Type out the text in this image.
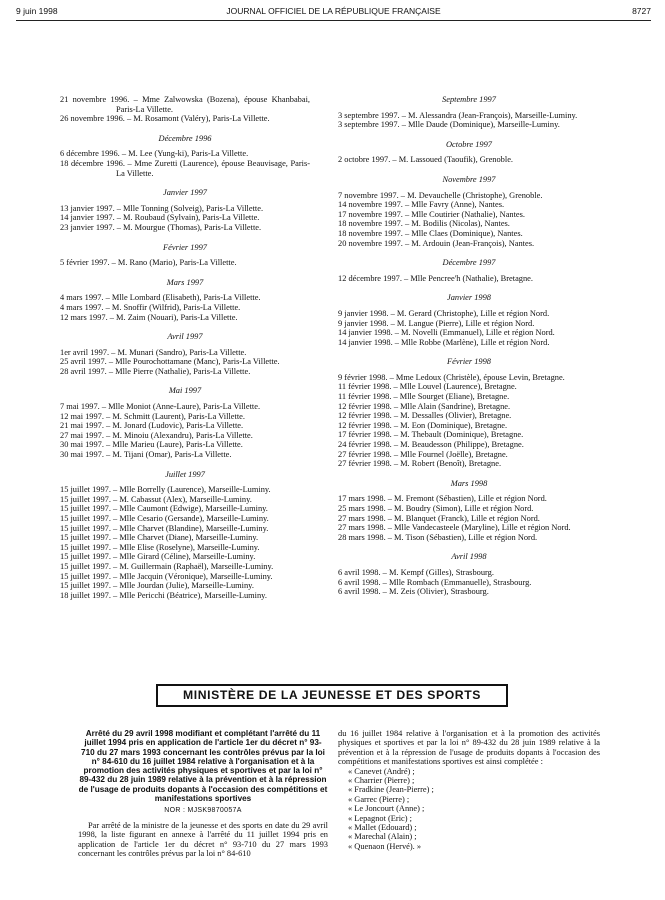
9 juin 1998	JOURNAL OFFICIEL DE LA RÉPUBLIQUE FRANÇAISE	8727
21 novembre 1996. – Mme Zalwowska (Bozena), épouse Khanbabai, Paris-La Villette.
26 novembre 1996. – M. Rosamont (Valéry), Paris-La Villette.
Décembre 1996
6 décembre 1996. – M. Lee (Yung-ki), Paris-La Villette.
18 décembre 1996. – Mme Zuretti (Laurence), épouse Beauvisage, Paris-La Villette.
Janvier 1997
13 janvier 1997. – Mlle Tonning (Solveig), Paris-La Villette.
14 janvier 1997. – M. Roubaud (Sylvain), Paris-La Villette.
23 janvier 1997. – M. Mourgue (Thomas), Paris-La Villette.
Février 1997
5 février 1997. – M. Rano (Mario), Paris-La Villette.
Mars 1997
4 mars 1997. – Mlle Lombard (Elisabeth), Paris-La Villette.
4 mars 1997. – M. Snoffir (Wilfrid), Paris-La Villette.
12 mars 1997. – M. Zaim (Nouari), Paris-La Villette.
Avril 1997
1er avril 1997. – M. Munari (Sandro), Paris-La Villette.
25 avril 1997. – Mlle Pourochottamane (Manc), Paris-La Villette.
28 avril 1997. – Mlle Pierre (Nathalie), Paris-La Villette.
Mai 1997
7 mai 1997. – Mlle Moniot (Anne-Laure), Paris-La Villette.
12 mai 1997. – M. Schmitt (Laurent), Paris-La Villette.
21 mai 1997. – M. Jonard (Ludovic), Paris-La Villette.
27 mai 1997. – M. Minoiu (Alexandru), Paris-La Villette.
30 mai 1997. – Mlle Marieu (Laure), Paris-La Villette.
30 mai 1997. – M. Tijani (Omar), Paris-La Villette.
Juillet 1997
15 juillet 1997. – Mlle Borrelly (Laurence), Marseille-Luminy.
15 juillet 1997. – M. Cabassut (Alex), Marseille-Luminy.
15 juillet 1997. – Mlle Caumont (Edwige), Marseille-Luminy.
15 juillet 1997. – Mlle Cesario (Gersande), Marseille-Luminy.
15 juillet 1997. – Mlle Charvet (Blandine), Marseille-Luminy.
15 juillet 1997. – Mlle Charvet (Diane), Marseille-Luminy.
15 juillet 1997. – Mlle Elise (Roselyne), Marseille-Luminy.
15 juillet 1997. – Mlle Girard (Céline), Marseille-Luminy.
15 juillet 1997. – M. Guillermain (Raphaël), Marseille-Luminy.
15 juillet 1997. – Mlle Jacquin (Véronique), Marseille-Luminy.
15 juillet 1997. – Mlle Jourdan (Julie), Marseille-Luminy.
18 juillet 1997. – Mlle Pericchi (Béatrice), Marseille-Luminy.
Septembre 1997
3 septembre 1997. – M. Alessandra (Jean-François), Marseille-Luminy.
3 septembre 1997. – Mlle Daude (Dominique), Marseille-Luminy.
Octobre 1997
2 octobre 1997. – M. Lassoued (Taoufik), Grenoble.
Novembre 1997
7 novembre 1997. – M. Devauchelle (Christophe), Grenoble.
14 novembre 1997. – Mlle Favry (Anne), Nantes.
17 novembre 1997. – Mlle Coutirier (Nathalie), Nantes.
18 novembre 1997. – M. Bodilis (Nicolas), Nantes.
18 novembre 1997. – Mlle Claes (Dominique), Nantes.
20 novembre 1997. – M. Ardouin (Jean-François), Nantes.
Décembre 1997
12 décembre 1997. – Mlle Pencree'h (Nathalie), Bretagne.
Janvier 1998
9 janvier 1998. – M. Gerard (Christophe), Lille et région Nord.
9 janvier 1998. – M. Langue (Pierre), Lille et région Nord.
14 janvier 1998. – M. Novelli (Emmanuel), Lille et région Nord.
14 janvier 1998. – Mlle Robbe (Marlène), Lille et région Nord.
Février 1998
9 février 1998. – Mme Ledoux (Christèle), épouse Levin, Bretagne.
11 février 1998. – Mlle Louvel (Laurence), Bretagne.
11 février 1998. – Mlle Sourget (Eliane), Bretagne.
12 février 1998. – Mlle Alain (Sandrine), Bretagne.
12 février 1998. – M. Dessalles (Olivier), Bretagne.
12 février 1998. – M. Eon (Dominique), Bretagne.
17 février 1998. – M. Thebault (Dominique), Bretagne.
24 février 1998. – M. Beaudesson (Philippe), Bretagne.
27 février 1998. – Mlle Fournel (Joëlle), Bretagne.
27 février 1998. – M. Robert (Benoît), Bretagne.
Mars 1998
17 mars 1998. – M. Fremont (Sébastien), Lille et région Nord.
25 mars 1998. – M. Boudry (Simon), Lille et région Nord.
27 mars 1998. – M. Blanquet (Franck), Lille et région Nord.
27 mars 1998. – Mlle Vandecasteele (Maryline), Lille et région Nord.
28 mars 1998. – M. Tison (Sébastien), Lille et région Nord.
Avril 1998
6 avril 1998. – M. Kempf (Gilles), Strasbourg.
6 avril 1998. – Mlle Rombach (Emmanuelle), Strasbourg.
6 avril 1998. – M. Zeis (Olivier), Strasbourg.
MINISTÈRE DE LA JEUNESSE ET DES SPORTS
Arrêté du 29 avril 1998 modifiant et complétant l'arrêté du 11 juillet 1994 pris en application de l'article 1er du décret n° 93-710 du 27 mars 1993 concernant les contrôles prévus par la loi n° 84-610 du 16 juillet 1984 relative à l'organisation et à la promotion des activités physiques et sportives et par la loi n° 89-432 du 28 juin 1989 relative à la prévention et à la répression de l'usage de produits dopants à l'occasion des compétitions et manifestations sportives
NOR : MJSK9870057A
Par arrêté de la ministre de la jeunesse et des sports en date du 29 avril 1998, la liste figurant en annexe à l'arrêté du 11 juillet 1994 pris en application de l'article 1er du décret n° 93-710 du 27 mars 1993 concernant les contrôles prévus par la loi n° 84-610
du 16 juillet 1984 relative à l'organisation et à la promotion des activités physiques et sportives et par la loi n° 89-432 du 28 juin 1989 relative à la prévention et à la répression de l'usage de produits dopants à l'occasion des compétitions et manifestations sportives est ainsi complétée :
« Canevet (André) ;
« Charrier (Pierre) ;
« Fradkine (Jean-Pierre) ;
« Garrec (Pierre) ;
« Le Joncourt (Anne) ;
« Lepagnot (Eric) ;
« Mallet (Edouard) ;
« Marechal (Alain) ;
« Quenaon (Hervé). »
